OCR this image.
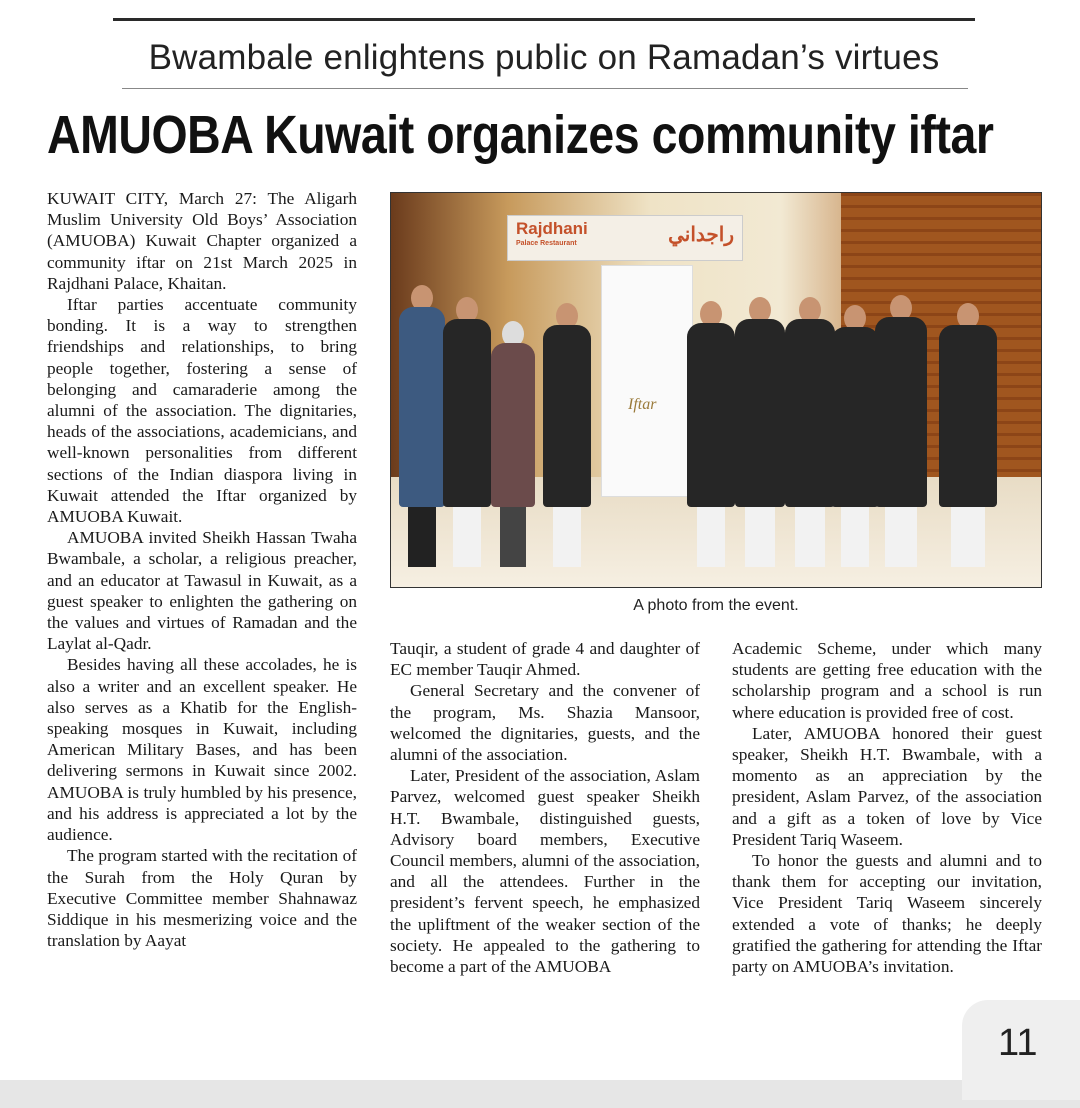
Bwambale enlightens public on Ramadan’s virtues
AMUOBA Kuwait organizes community iftar

KUWAIT CITY, March 27: The Aligarh Muslim University Old Boys’ Association (AMUOBA) Kuwait Chapter organized a community iftar on 21st March 2025 in Rajdhani Palace, Khaitan.

Iftar parties accentuate community bonding. It is a way to strengthen friendships and relationships, to bring people together, fostering a sense of belonging and camaraderie among the alumni of the association. The dignitaries, heads of the associations, academicians, and well-known personalities from different sections of the Indian diaspora living in Kuwait attended the Iftar organized by AMUOBA Kuwait.

AMUOBA invited Sheikh Hassan Twaha Bwambale, a scholar, a religious preacher, and an educator at Tawasul in Kuwait, as a guest speaker to enlighten the gathering on the values and virtues of Ramadan and the Laylat al-Qadr.

Besides having all these accolades, he is also a writer and an excellent speaker. He also serves as a Khatib for the English-speaking mosques in Kuwait, including American Military Bases, and has been delivering sermons in Kuwait since 2002. AMUOBA is truly humbled by his presence, and his address is appreciated a lot by the audience.

The program started with the recitation of the Surah from the Holy Quran by Executive Committee member Shahnawaz Siddique in his mesmerizing voice and the translation by Aayat

Rajdhani
Palace Restaurant	راجداني
Iftar
A photo from the event.

Tauqir, a student of grade 4 and daughter of EC member Tauqir Ahmed.

General Secretary and the convener of the program, Ms. Shazia Mansoor, welcomed the dignitaries, guests, and the alumni of the association.

Later, President of the association, Aslam Parvez, welcomed guest speaker Sheikh H.T. Bwambale, distinguished guests, Advisory board members, Executive Council members, alumni of the association, and all the attendees. Further in the president’s fervent speech, he emphasized the upliftment of the weaker section of the society. He appealed to the gathering to become a part of the AMUOBA

Academic Scheme, under which many students are getting free education with the scholarship program and a school is run where education is provided free of cost.

Later, AMUOBA honored their guest speaker, Sheikh H.T. Bwambale, with a momento as an appreciation by the president, Aslam Parvez, of the association and a gift as a token of love by Vice President Tariq Waseem.

To honor the guests and alumni and to thank them for accepting our invitation, Vice President Tariq Waseem sincerely extended a vote of thanks; he deeply gratified the gathering for attending the Iftar party on AMUOBA’s invitation.

11
